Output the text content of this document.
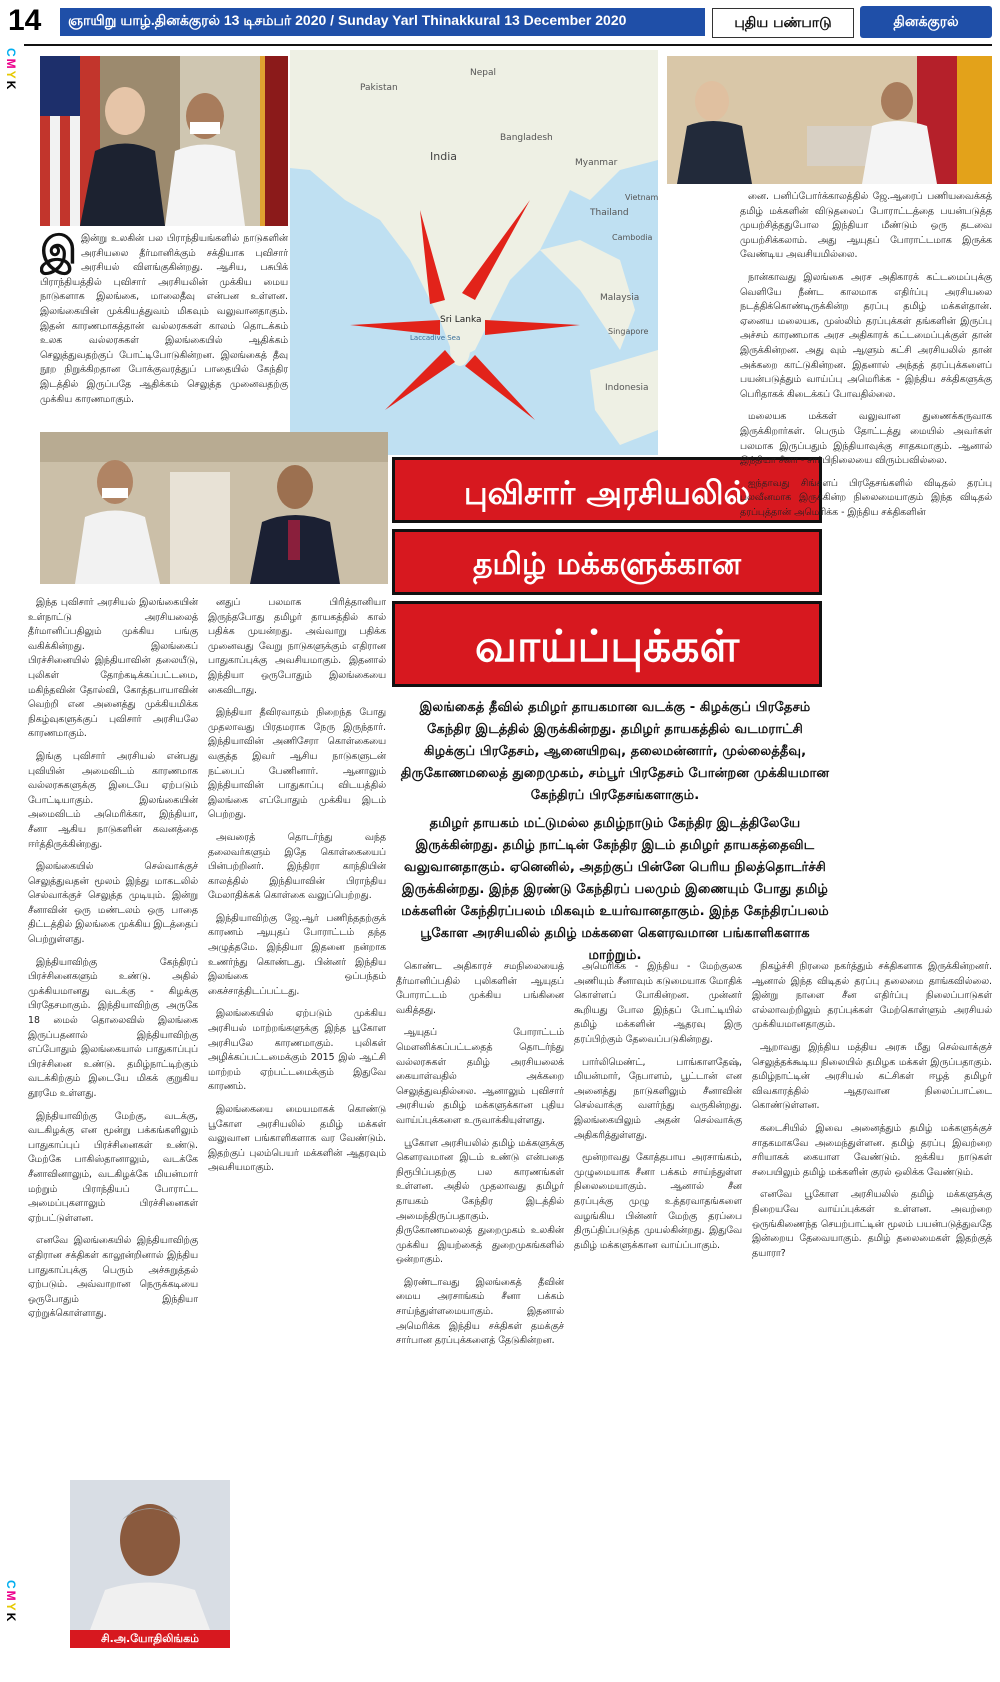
14 ஞாயிறு யாழ்.தினக்குரல் 13 டிசம்பர் 2020 / Sunday Yarl Thinakkural 13 December 2020	புதிய பண்பாடு	தினக்குரல்
CMYK
CMYK
Pakistan
Nepal
Bangladesh
India	Myanmar
Thailand
Cambodia
Vietnam
Sri Lanka
Laccadive Sea
Malaysia
Singapore
Indonesia
புவிசார் அரசியலில்
தமிழ் மக்களுக்கான
வாய்ப்புக்கள்

இலங்கைத் தீவில் தமிழர் தாயகமான வடக்கு - கிழக்குப் பிரதேசம் கேந்திர இடத்தில் இருக்கின்றது. தமிழர் தாயகத்தில் வடமராட்சி கிழக்குப் பிரதேசம், ஆனையிறவு, தலைமன்னார், முல்லைத்தீவு, திருகோணமலைத் துறைமுகம், சம்பூர் பிரதேசம் போன்றன முக்கியமான கேந்திரப் பிரதேசங்களாகும்.

தமிழர் தாயகம் மட்டுமல்ல தமிழ்நாடும் கேந்திர இடத்திலேயே இருக்கின்றது. தமிழ் நாட்டின் கேந்திர இடம் தமிழர் தாயகத்தைவிட வலுவானதாகும். ஏனெனில், அதற்குப் பின்னே பெரிய நிலத்தொடர்ச்சி இருக்கின்றது. இந்த இரண்டு கேந்திரப் பலமும் இணையும் போது தமிழ் மக்களின் கேந்திரப்பலம் மிகவும் உயர்வானதாகும். இந்த கேந்திரப்பலம் பூகோள அரசியலில் தமிழ் மக்களை கௌரவமான பங்காளிகளாக மாற்றும்.

இ இன்று உலகின் பல பிராந்தியங்களில் நாடுகளின் அரசியலை தீர்மானிக்கும் சக்தியாக புவிசார் அரசியல் விளங்குகின்றது. ஆசிய, பசுபிக் பிராந்தியத்தில் புவிசார் அரசியலின் முக்கிய மைய நாடுகளாக இலங்கை, மாலைதீவு என்பன உள்ளன. இலங்கையின் முக்கியத்துவம் மிகவும் வலுவானதாகும். இதன் காரணமாகத்தான் வல்லரசுகள் காலம் தொடக்கம் உலக வல்லரசுகள் இலங்கையில் ஆதிக்கம் செலுத்துவதற்குப் போட்டிபோடுகின்றன. இலங்கைத் தீவு நூற நிறுக்கிறதான போக்குவரத்துப் பாதையில் கேந்திர இடத்தில் இருப்பதே ஆதிக்கம் செலுத்த முனைவதற்கு முக்கிய காரணமாகும்.

னை. பனிப்போர்க்காலத்தில் ஜே.ஆரைப் பணியவைக்கத் தமிழ் மக்களின் விடுதலைப் போராட்டத்தை பயன்படுத்த முயற்சித்ததுபோல இந்தியா மீண்டும் ஒரு தடவை முயற்சிக்கலாம். அது ஆயுதப் போராட்டமாக இருக்க வேண்டிய அவசியமில்லை.

நான்காவது இலங்கை அரச அதிகாரக் கட்டமைப்புக்கு வெளியே நீண்ட காலமாக எதிர்ப்பு அரசியலை நடத்திக்கொண்டிருக்கின்ற தரப்பு தமிழ் மக்கள்தான். ஏனைய மலையக, முஸ்லிம் தரப்புக்கள் தங்களின் இருப்பு அச்சம் காரணமாக அரச அதிகாரக் கட்டமைப்புக்குள் தான் இருக்கின்றன. அது வும் ஆளும் கட்சி அரசியலில் தான் அக்கறை காட்டுகின்றன. இதனால் அந்தத் தரப்புக்களைப் பயன்படுத்தும் வாய்ப்பு அமெரிக்க - இந்திய சக்திகளுக்கு பெரிதாகக் கிடைக்கப் போவதில்லை.

மலையக மக்கள் வலுவான துணைக்கருவாக இருக்கிறார்கள். பெரும் தோட்டத்து மையில் அவர்கள் பலமாக இருப்பதும் இந்தியாவுக்கு சாதகமாகும். ஆனால் இந்தியா சீனா - சார்பிநிலையை விரும்பவில்லை.

ஐந்தாவது சிங்களப் பிரதேசங்களில் விடிதல் தரப்பு பலவீனமாக இருக்கின்ற நிலைமையாகும் இந்த விடிதல் தரப்புத்தான் அமெரிக்க - இந்திய சக்திகளின்

இந்த புவிசார் அரசியல் இலங்கையின் உள்நாட்டு அரசியலைத் தீர்மானிப்பதிலும் முக்கிய பங்கு வகிக்கின்றது. இலங்கைப் பிரச்சினையில் இந்தியாவின் தலையீடு, புலிகள் தோற்கடிக்கப்பட்டமை, மகிந்தவின் தோல்வி, கோத்தபாயாவின் வெற்றி என அனைத்து முக்கியமிக்க நிகழ்வுகளுக்குப் புவிசார் அரசியலே காரணமாகும்.

இங்கு புவிசார் அரசியல் என்பது புவியின் அமைவிடம் காரணமாக வல்லரசுகளுக்கு இடையே ஏற்படும் போட்டியாகும். இலங்கையின் அமைவிடம் அமெரிக்கா, இந்தியா, சீனா ஆகிய நாடுகளின் கவனத்தை ஈர்த்திருக்கின்றது.

இலங்கையில் செல்வாக்குச் செலுத்துவதன் மூலம் இந்து மாகடலில் செல்வாக்குச் செலுத்த முடியும். இன்று சீனாவின் ஒரு மண்டலம் ஒரு பாதை திட்டத்தில் இலங்கை முக்கிய இடத்தைப் பெற்றுள்ளது.

இந்தியாவிற்கு கேந்திரப் பிரச்சினைகளும் உண்டு. அதில் முக்கியமானது வடக்கு - கிழக்கு பிரதேசமாகும். இந்தியாவிற்கு அருகே 18 மைல் தொலைவில் இலங்கை இருப்பதனால் இந்தியாவிற்கு எப்போதும் இலங்கையால் பாதுகாப்புப் பிரச்சினை உண்டு. தமிழ்நாட்டிற்கும் வடக்கிற்கும் இடையே மிகக் குறுகிய தூரமே உள்ளது.

இந்தியாவிற்கு மேற்கு, வடக்கு, வடகிழக்கு என மூன்று பக்கங்களிலும் பாதுகாப்புப் பிரச்சினைகள் உண்டு. மேற்கே பாகிஸ்தானாலும், வடக்கே சீனாவினாலும், வடகிழக்கே மியன்மார் மற்றும் பிராந்தியப் போராட்ட அமைப்புகளாலும் பிரச்சினைகள் ஏற்பட்டுள்ளன.

எனவே இலங்கையில் இந்தியாவிற்கு எதிரான சக்திகள் காலூன்றினால் இந்திய பாதுகாப்புக்கு பெரும் அச்சுறுத்தல் ஏற்படும். அவ்வாறான நெருக்கடியை ஒருபோதும் இந்தியா ஏற்றுக்கொள்ளாது.

னதுப் பலமாக பிரித்தானியா இருந்தபோது தமிழர் தாயகத்தில் கால் பதிக்க முயன்றது. அவ்வாறு பதிக்க முனைவது வேறு நாடுகளுக்கும் எதிரான பாதுகாப்புக்கு அவசியமாகும். இதனால் இந்தியா ஒருபோதும் இலங்கையை கைவிடாது.

இந்தியா தீவிரவாதம் நிறைந்த போது முதலாவது பிரதமராக நேரு இருந்தார். இந்தியாவின் அணிசேரா கொள்கையை வகுத்த இவர் ஆசிய நாடுகளுடன் நட்பைப் பேணினார். ஆனாலும் இந்தியாவின் பாதுகாப்பு விடயத்தில் இலங்கை எப்போதும் முக்கிய இடம் பெற்றது.

அவரைத் தொடர்ந்து வந்த தலைவர்களும் இதே கொள்கையைப் பின்பற்றினர். இந்திரா காந்தியின் காலத்தில் இந்தியாவின் பிராந்திய மேலாதிக்கக் கொள்கை வலுப்பெற்றது.

இந்தியாவிற்கு ஜே.ஆர் பணிந்ததற்குக் காரணம் ஆயுதப் போராட்டம் தந்த அழுத்தமே. இந்தியா இதனை நன்றாக உணர்ந்து கொண்டது. பின்னர் இந்திய இலங்கை ஒப்பந்தம் கைச்சாத்திடப்பட்டது.

இலங்கையில் ஏற்படும் முக்கிய அரசியல் மாற்றங்களுக்கு இந்த பூகோள அரசியலே காரணமாகும். புலிகள் அழிக்கப்பட்டமைக்கும் 2015 இல் ஆட்சி மாற்றம் ஏற்பட்டமைக்கும் இதுவே காரணம்.

இலங்கையை மையமாகக் கொண்டு பூகோள அரசியலில் தமிழ் மக்கள் வலுவான பங்காளிகளாக வர வேண்டும். இதற்குப் புலம்பெயர் மக்களின் ஆதரவும் அவசியமாகும்.

கொண்ட அதிகாரச் சமநிலையைத் தீர்மானிப்பதில் புலிகளின் ஆயுதப் போராட்டம் முக்கிய பங்கினை வகித்தது.

ஆயுதப் போராட்டம் மௌனிக்கப்பட்டதைத் தொடர்ந்து வல்லரசுகள் தமிழ் அரசியலைக் கையாள்வதில் அக்கறை செலுத்துவதில்லை. ஆனாலும் புவிசார் அரசியல் தமிழ் மக்களுக்கான புதிய வாய்ப்புக்களை உருவாக்கியுள்ளது.

பூகோள அரசியலில் தமிழ் மக்களுக்கு கௌரவமான இடம் உண்டு என்பதை நிரூபிப்பதற்கு பல காரணங்கள் உள்ளன. அதில் முதலாவது தமிழர் தாயகம் கேந்திர இடத்தில் அமைந்திருப்பதாகும். திருகோணமலைத் துறைமுகம் உலகின் முக்கிய இயற்கைத் துறைமுகங்களில் ஒன்றாகும்.

இரண்டாவது இலங்கைத் தீவின் மைய அரசாங்கம் சீனா பக்கம் சாய்ந்துள்ளமையாகும். இதனால் அமெரிக்க இந்திய சக்திகள் தமக்குச் சார்பான தரப்புக்களைத் தேடுகின்றன.

அமெரிக்க - இந்திய - மேற்குலக அணியும் சீனாவும் கடுமையாக மோதிக் கொள்ளப் போகின்றன. முன்னர் கூறியது போல இந்தப் போட்டியில் தமிழ் மக்களின் ஆதரவு இரு தரப்பிற்கும் தேவைப்படுகின்றது.

பார்லிமெண்ட், பாங்காளதேஷ், மியன்மார், நேபாளம், பூட்டான் என அனைத்து நாடுகளிலும் சீனாவின் செல்வாக்கு வளர்ந்து வருகின்றது. இலங்கையிலும் அதன் செல்வாக்கு அதிகரித்துள்ளது.

மூன்றாவது கோத்தபாய அரசாங்கம், முழுமையாக சீனா பக்கம் சாய்ந்துள்ள நிலைமையாகும். ஆனால் சீன தரப்புக்கு முழு உத்தரவாதங்களை வழங்கிய பின்னர் மேற்கு தரப்பை திருப்திப்படுத்த முயல்கின்றது. இதுவே தமிழ் மக்களுக்கான வாய்ப்பாகும்.

நிகழ்ச்சி நிரலை நகர்த்தும் சக்திகளாக இருக்கின்றனர். ஆனால் இந்த விடிதல் தரப்பு தலைமை தாங்கவில்லை. இன்று நாளை சீன எதிர்ப்பு நிலைப்பாடுகள் எல்லாவற்றிலும் தரப்புக்கள் மேற்கொள்ளும் அரசியல் முக்கியமானதாகும்.

ஆறாவது இந்திய மத்திய அரசு மீது செல்வாக்குச் செலுத்தக்கூடிய நிலையில் தமிழக மக்கள் இருப்பதாகும். தமிழ்நாட்டின் அரசியல் கட்சிகள் ஈழத் தமிழர் விவகாரத்தில் ஆதரவான நிலைப்பாட்டை கொண்டுள்ளன.

கடைசியில் இவை அனைத்தும் தமிழ் மக்களுக்குச் சாதகமாகவே அமைந்துள்ளன. தமிழ் தரப்பு இவற்றை சரியாகக் கையாள வேண்டும். ஐக்கிய நாடுகள் சபையிலும் தமிழ் மக்களின் குரல் ஒலிக்க வேண்டும்.

எனவே பூகோள அரசியலில் தமிழ் மக்களுக்கு நிறையவே வாய்ப்புக்கள் உள்ளன. அவற்றை ஒருங்கிணைந்த செயற்பாட்டின் மூலம் பயன்படுத்துவதே இன்றைய தேவையாகும். தமிழ் தலைமைகள் இதற்குத் தயாரா?

சி.அ.யோதிலிங்கம்
